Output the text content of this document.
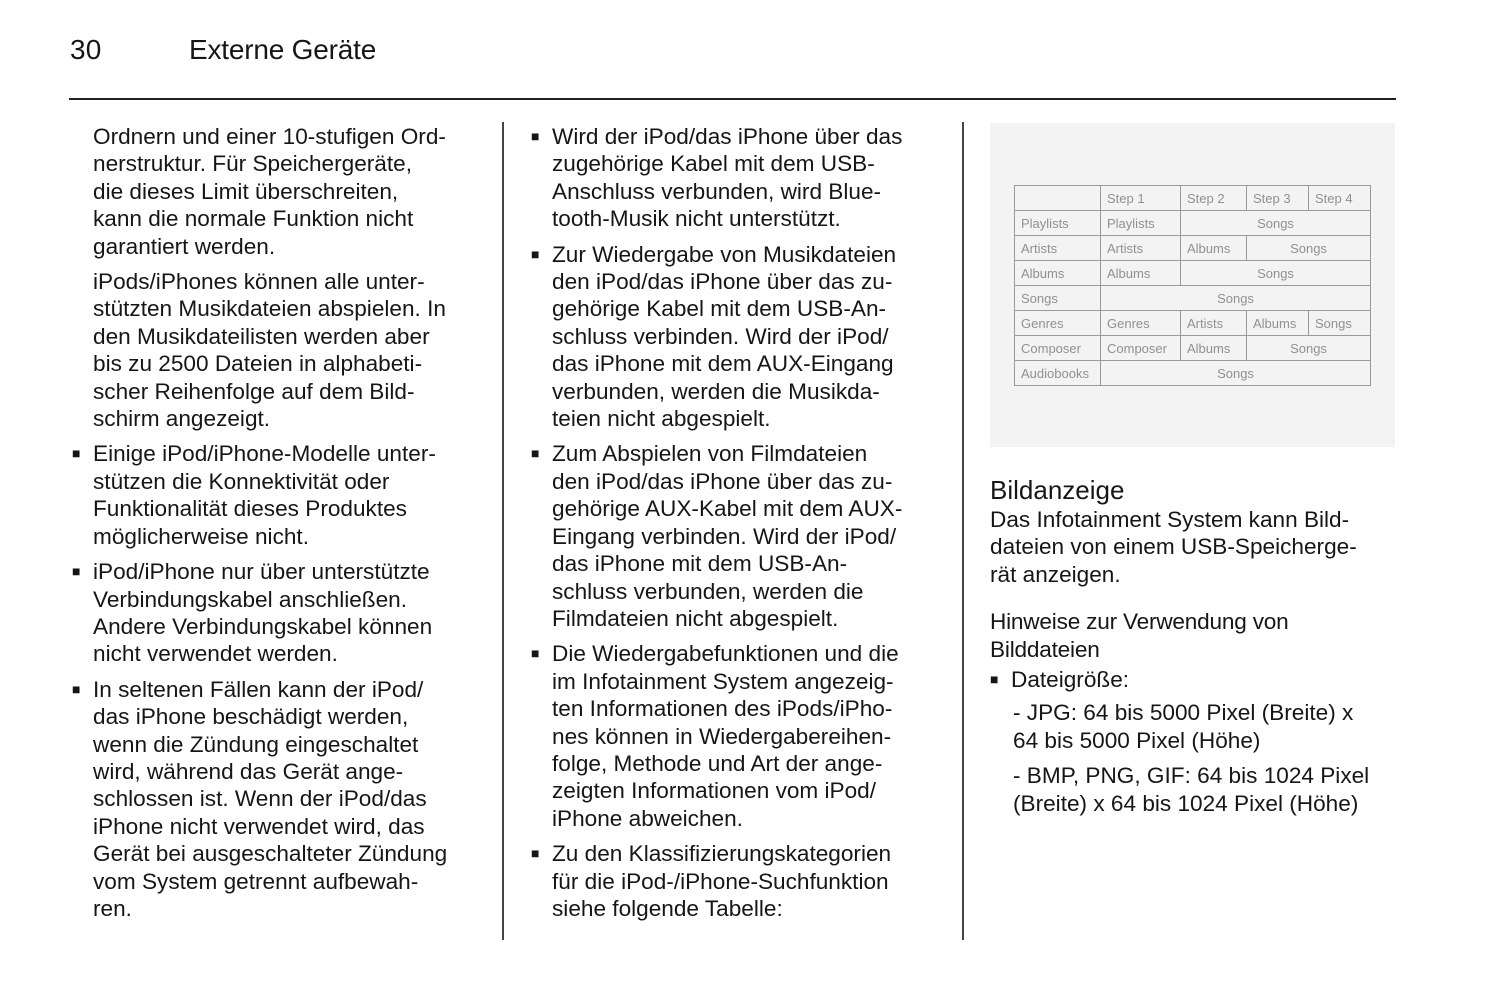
30	Externe Geräte
Ordnern und einer 10-stufigen Ord-
nerstruktur. Für Speichergeräte,
die dieses Limit überschreiten,
kann die normale Funktion nicht
garantiert werden.
iPods/iPhones können alle unter-
stützten Musikdateien abspielen. In
den Musikdateilisten werden aber
bis zu 2500 Dateien in alphabeti-
scher Reihenfolge auf dem Bild-
schirm angezeigt.
■ Einige iPod/iPhone-Modelle unter-
stützen die Konnektivität oder
Funktionalität dieses Produktes
möglicherweise nicht.
■ iPod/iPhone nur über unterstützte
Verbindungskabel anschließen.
Andere Verbindungskabel können
nicht verwendet werden.
■ In seltenen Fällen kann der iPod/
das iPhone beschädigt werden,
wenn die Zündung eingeschaltet
wird, während das Gerät ange-
schlossen ist. Wenn der iPod/das
iPhone nicht verwendet wird, das
Gerät bei ausgeschalteter Zündung
vom System getrennt aufbewah-
ren.
■ Wird der iPod/das iPhone über das
zugehörige Kabel mit dem USB-
Anschluss verbunden, wird Blue-
tooth-Musik nicht unterstützt.
■ Zur Wiedergabe von Musikdateien
den iPod/das iPhone über das zu-
gehörige Kabel mit dem USB-An-
schluss verbinden. Wird der iPod/
das iPhone mit dem AUX-Eingang
verbunden, werden die Musikda-
teien nicht abgespielt.
■ Zum Abspielen von Filmdateien
den iPod/das iPhone über das zu-
gehörige AUX-Kabel mit dem AUX-
Eingang verbinden. Wird der iPod/
das iPhone mit dem USB-An-
schluss verbunden, werden die
Filmdateien nicht abgespielt.
■ Die Wiedergabefunktionen und die
im Infotainment System angezeig-
ten Informationen des iPods/iPho-
nes können in Wiedergabereihen-
folge, Methode und Art der ange-
zeigten Informationen vom iPod/
iPhone abweichen.
■ Zu den Klassifizierungskategorien
für die iPod-/iPhone-Suchfunktion
siehe folgende Tabelle:
	Step 1	Step 2	Step 3	Step 4
Playlists	Playlists	Songs		
Artists	Artists	Albums	Songs	
Albums	Albums	Songs		
Songs	Songs			
Genres	Genres	Artists	Albums	Songs
Composer	Composer	Albums	Songs	
Audiobooks	Songs			
Bildanzeige
Das Infotainment System kann Bild-
dateien von einem USB-Speicherge-
rät anzeigen.
Hinweise zur Verwendung von
Bilddateien
■ Dateigröße:
- JPG: 64 bis 5000 Pixel (Breite) x
64 bis 5000 Pixel (Höhe)
- BMP, PNG, GIF: 64 bis 1024 Pixel
(Breite) x 64 bis 1024 Pixel (Höhe)
